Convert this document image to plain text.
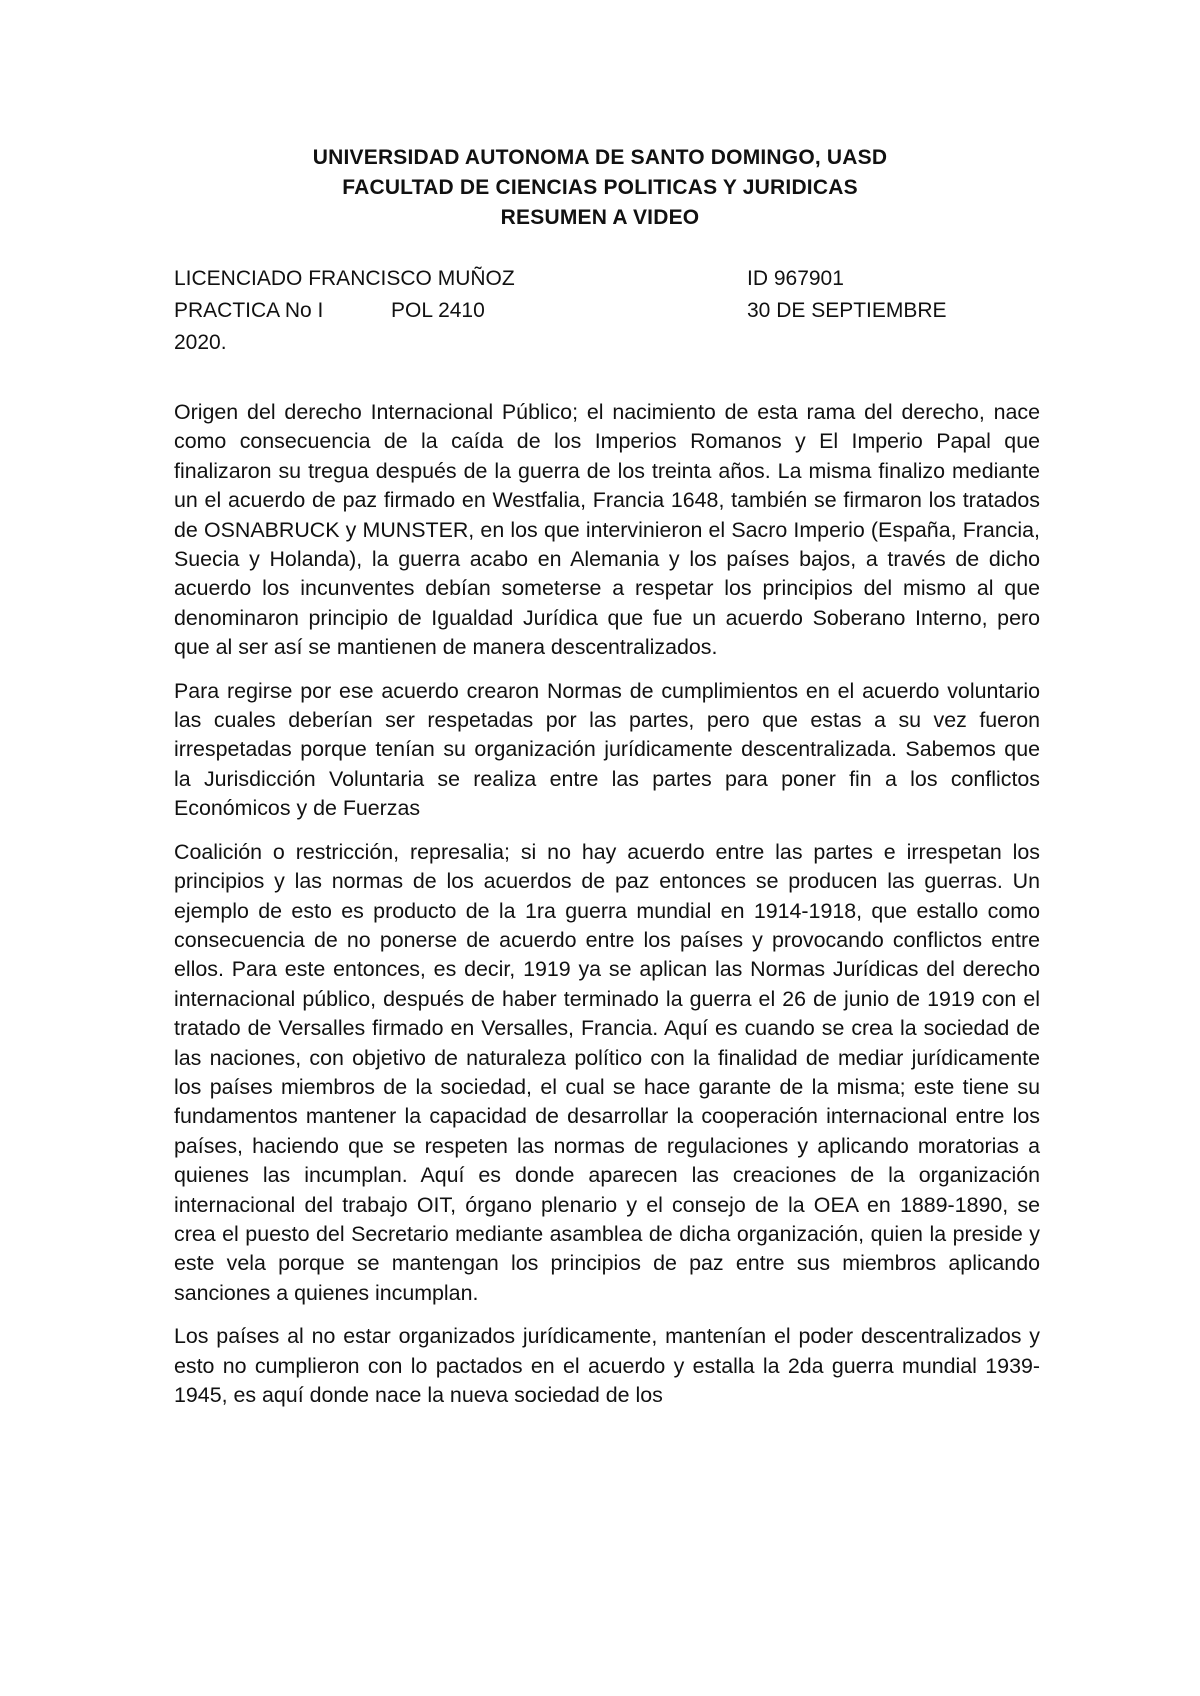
UNIVERSIDAD AUTONOMA DE SANTO DOMINGO, UASD
FACULTAD DE CIENCIAS POLITICAS Y JURIDICAS
RESUMEN A VIDEO
LICENCIADO FRANCISCO MUÑOZ	ID 967901
PRACTICA No I	POL 2410	30 DE SEPTIEMBRE
2020.

Origen del derecho Internacional Público; el nacimiento de esta rama del derecho, nace como consecuencia de la caída de los Imperios Romanos y El Imperio Papal que finalizaron su tregua después de la guerra de los treinta años. La misma finalizo mediante un el acuerdo de paz firmado en Westfalia, Francia 1648, también se firmaron los tratados de OSNABRUCK y MUNSTER, en los que intervinieron el Sacro Imperio (España, Francia, Suecia y Holanda), la guerra acabo en Alemania y los países bajos, a través de dicho acuerdo los incunventes debían someterse a respetar los principios del mismo al que denominaron principio de Igualdad Jurídica que fue un acuerdo Soberano Interno, pero que al ser así se mantienen de manera descentralizados.

Para regirse por ese acuerdo crearon Normas de cumplimientos en el acuerdo voluntario las cuales deberían ser respetadas por las partes, pero que estas a su vez fueron irrespetadas porque tenían su organización jurídicamente descentralizada. Sabemos que la Jurisdicción Voluntaria se realiza entre las partes para poner fin a los conflictos Económicos y de Fuerzas

Coalición o restricción, represalia; si no hay acuerdo entre las partes e irrespetan los principios y las normas de los acuerdos de paz entonces se producen las guerras. Un ejemplo de esto es producto de la 1ra guerra mundial en 1914-1918, que estallo como consecuencia de no ponerse de acuerdo entre los países y provocando conflictos entre ellos. Para este entonces, es decir, 1919 ya se aplican las Normas Jurídicas del derecho internacional público, después de haber terminado la guerra el 26 de junio de 1919 con el tratado de Versalles firmado en Versalles, Francia. Aquí es cuando se crea la sociedad de las naciones, con objetivo de naturaleza político con la finalidad de mediar jurídicamente los países miembros de la sociedad, el cual se hace garante de la misma; este tiene su fundamentos mantener la capacidad de desarrollar la cooperación internacional entre los países, haciendo que se respeten las normas de regulaciones y aplicando moratorias a quienes las incumplan. Aquí es donde aparecen las creaciones de la organización internacional del trabajo OIT, órgano plenario y el consejo de la OEA en 1889-1890, se crea el puesto del Secretario mediante asamblea de dicha organización, quien la preside y este vela porque se mantengan los principios de paz entre sus miembros aplicando sanciones a quienes incumplan.

Los países al no estar organizados jurídicamente, mantenían el poder descentralizados y esto no cumplieron con lo pactados en el acuerdo y estalla la 2da guerra mundial 1939-1945, es aquí donde nace la nueva sociedad de los
